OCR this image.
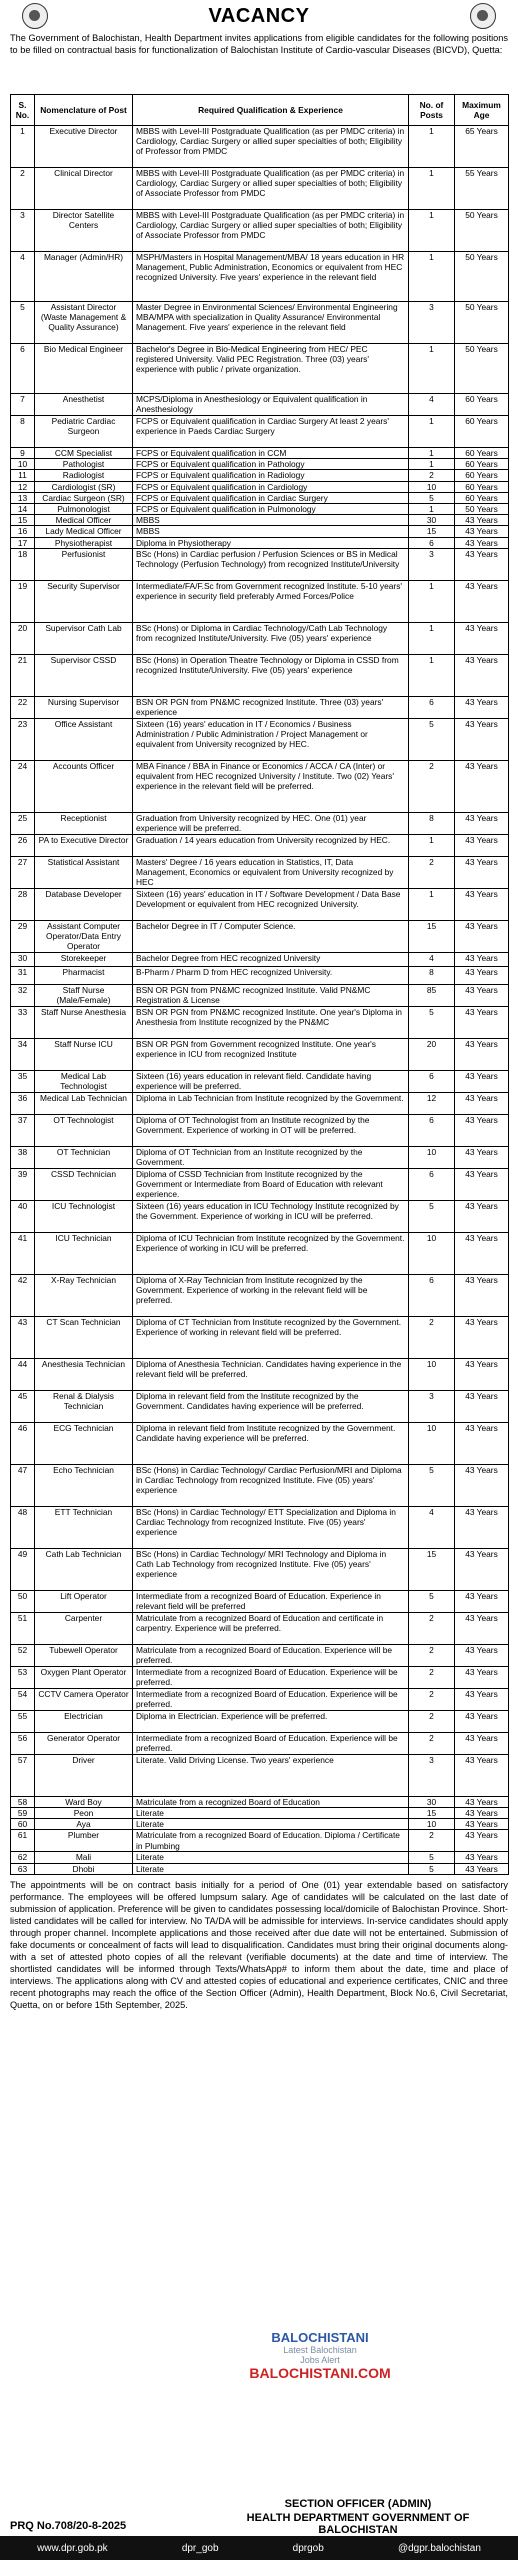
VACANCY
The Government of Balochistan, Health Department invites applications from eligible candidates for the following positions to be filled on contractual basis for functionalization of Balochistan Institute of Cardio-vascular Diseases (BICVD), Quetta:
S. No.	Nomenclature of Post	Required Qualification & Experience	No. of Posts	Maximum Age
1	Executive Director	MBBS with Level-III Postgraduate Qualification (as per PMDC criteria) in Cardiology, Cardiac Surgery or allied super specialties of both; Eligibility of Professor from PMDC	1	65 Years
2	Clinical Director	MBBS with Level-III Postgraduate Qualification (as per PMDC criteria) in Cardiology, Cardiac Surgery or allied super specialties of both; Eligibility of Associate Professor from PMDC	1	55 Years
3	Director Satellite Centers	MBBS with Level-III Postgraduate Qualification (as per PMDC criteria) in Cardiology, Cardiac Surgery or allied super specialties of both; Eligibility of Associate Professor from PMDC	1	50 Years
4	Manager (Admin/HR)	MSPH/Masters in Hospital Management/MBA/ 18 years education in HR Management, Public Administration, Economics or equivalent from HEC recognized University. Five years' experience in the relevant field	1	50 Years
5	Assistant Director (Waste Management & Quality Assurance)	Master Degree in Environmental Sciences/ Environmental Engineering MBA/MPA with specialization in Quality Assurance/ Environmental Management. Five years' experience in the relevant field	3	50 Years
6	Bio Medical Engineer	Bachelor's Degree in Bio-Medical Engineering from HEC/ PEC registered University. Valid PEC Registration. Three (03) years' experience with public / private organization.	1	50 Years
7	Anesthetist	MCPS/Diploma in Anesthesiology or Equivalent qualification in Anesthesiology	4	60 Years
8	Pediatric Cardiac Surgeon	FCPS or Equivalent qualification in Cardiac Surgery At least 2 years' experience in Paeds Cardiac Surgery	1	60 Years
9	CCM Specialist	FCPS or Equivalent qualification in CCM	1	60 Years
10	Pathologist	FCPS or Equivalent qualification in Pathology	1	60 Years
11	Radiologist	FCPS or Equivalent qualification in Radiology	2	60 Years
12	Cardiologist (SR)	FCPS or Equivalent qualification in Cardiology	10	60 Years
13	Cardiac Surgeon (SR)	FCPS or Equivalent qualification in Cardiac Surgery	5	60 Years
14	Pulmonologist	FCPS or Equivalent qualification in Pulmonology	1	50 Years
15	Medical Officer	MBBS	30	43 Years
16	Lady Medical Officer	MBBS	15	43 Years
17	Physiotherapist	Diploma in Physiotherapy	6	43 Years
18	Perfusionist	BSc (Hons) in Cardiac perfusion / Perfusion Sciences or BS in Medical Technology (Perfusion Technology) from recognized Institute/University	3	43 Years
19	Security Supervisor	Intermediate/FA/F.Sc from Government recognized Institute. 5-10 years' experience in security field preferably Armed Forces/Police	1	43 Years
20	Supervisor Cath Lab	BSc (Hons) or Diploma in Cardiac Technology/Cath Lab Technology from recognized Institute/University. Five (05) years' experience	1	43 Years
21	Supervisor CSSD	BSc (Hons) in Operation Theatre Technology or Diploma in CSSD from recognized Institute/University. Five (05) years' experience	1	43 Years
22	Nursing Supervisor	BSN OR PGN from PN&MC recognized Institute. Three (03) years' experience	6	43 Years
23	Office Assistant	Sixteen (16) years' education in IT / Economics / Business Administration / Public Administration / Project Management or equivalent from University recognized by HEC.	5	43 Years
24	Accounts Officer	MBA Finance / BBA in Finance or Economics / ACCA / CA (Inter) or equivalent from HEC recognized University / Institute. Two (02) Years' experience in the relevant field will be preferred.	2	43 Years
25	Receptionist	Graduation from University recognized by HEC. One (01) year experience will be preferred.	8	43 Years
26	PA to Executive Director	Graduation / 14 years education from University recognized by HEC.	1	43 Years
27	Statistical Assistant	Masters' Degree / 16 years education in Statistics, IT, Data Management, Economics or equivalent from University recognized by HEC	2	43 Years
28	Database Developer	Sixteen (16) years' education in IT / Software Development / Data Base Development or equivalent from HEC recognized University.	1	43 Years
29	Assistant Computer Operator/Data Entry Operator	Bachelor Degree in IT / Computer Science.	15	43 Years
30	Storekeeper	Bachelor Degree from HEC recognized University	4	43 Years
31	Pharmacist	B-Pharm / Pharm D from HEC recognized University.	8	43 Years
32	Staff Nurse (Male/Female)	BSN OR PGN from PN&MC recognized Institute. Valid PN&MC Registration & License	85	43 Years
33	Staff Nurse Anesthesia	BSN OR PGN from PN&MC recognized Institute. One year's Diploma in Anesthesia from Institute recognized by the PN&MC	5	43 Years
34	Staff Nurse ICU	BSN OR PGN from Government recognized Institute. One year's experience in ICU from recognized Institute	20	43 Years
35	Medical Lab Technologist	Sixteen (16) years education in relevant field. Candidate having experience will be preferred.	6	43 Years
36	Medical Lab Technician	Diploma in Lab Technician from Institute recognized by the Government.	12	43 Years
37	OT Technologist	Diploma of OT Technologist from an Institute recognized by the Government. Experience of working in OT will be preferred.	6	43 Years
38	OT Technician	Diploma of OT Technician from an Institute recognized by the Government.	10	43 Years
39	CSSD Technician	Diploma of CSSD Technician from Institute recognized by the Government or Intermediate from Board of Education with relevant experience.	6	43 Years
40	ICU Technologist	Sixteen (16) years education in ICU Technology Institute recognized by the Government. Experience of working in ICU will be preferred.	5	43 Years
41	ICU Technician	Diploma of ICU Technician from Institute recognized by the Government. Experience of working in ICU will be preferred.	10	43 Years
42	X-Ray Technician	Diploma of X-Ray Technician from Institute recognized by the Government. Experience of working in the relevant field will be preferred.	6	43 Years
43	CT Scan Technician	Diploma of CT Technician from Institute recognized by the Government. Experience of working in relevant field will be preferred.	2	43 Years
44	Anesthesia Technician	Diploma of Anesthesia Technician. Candidates having experience in the relevant field will be preferred.	10	43 Years
45	Renal & Dialysis Technician	Diploma in relevant field from the Institute recognized by the Government. Candidates having experience will be preferred.	3	43 Years
46	ECG Technician	Diploma in relevant field from Institute recognized by the Government. Candidate having experience will be preferred.	10	43 Years
47	Echo Technician	BSc (Hons) in Cardiac Technology/ Cardiac Perfusion/MRI and Diploma in Cardiac Technology from recognized Institute. Five (05) years' experience	5	43 Years
48	ETT Technician	BSc (Hons) in Cardiac Technology/ ETT Specialization and Diploma in Cardiac Technology from recognized Institute. Five (05) years' experience	4	43 Years
49	Cath Lab Technician	BSc (Hons) in Cardiac Technology/ MRI Technology and Diploma in Cath Lab Technology from recognized Institute. Five (05) years' experience	15	43 Years
50	Lift Operator	Intermediate from a recognized Board of Education. Experience in relevant field will be preferred	5	43 Years
51	Carpenter	Matriculate from a recognized Board of Education and certificate in carpentry. Experience will be preferred.	2	43 Years
52	Tubewell Operator	Matriculate from a recognized Board of Education. Experience will be preferred.	2	43 Years
53	Oxygen Plant Operator	Intermediate from a recognized Board of Education. Experience will be preferred.	2	43 Years
54	CCTV Camera Operator	Intermediate from a recognized Board of Education. Experience will be preferred.	2	43 Years
55	Electrician	Diploma in Electrician. Experience will be preferred.	2	43 Years
56	Generator Operator	Intermediate from a recognized Board of Education. Experience will be preferred.	2	43 Years
57	Driver	Literate. Valid Driving License. Two years' experience	3	43 Years
58	Ward Boy	Matriculate from a recognized Board of Education	30	43 Years
59	Peon	Literate	15	43 Years
60	Aya	Literate	10	43 Years
61	Plumber	Matriculate from a recognized Board of Education. Diploma / Certificate in Plumbing	2	43 Years
62	Mali	Literate	5	43 Years
63	Dhobi	Literate	5	43 Years
The appointments will be on contract basis initially for a period of One (01) year extendable based on satisfactory performance. The employees will be offered lumpsum salary. Age of candidates will be calculated on the last date of submission of application. Preference will be given to candidates possessing local/domicile of Balochistan Province. Short-listed candidates will be called for interview. No TA/DA will be admissible for interviews. In-service candidates should apply through proper channel. Incomplete applications and those received after due date will not be entertained. Submission of fake documents or concealment of facts will lead to disqualification. Candidates must bring their original documents along-with a set of attested photo copies of all the relevant (verifiable documents) at the date and time of interview. The shortlisted candidates will be informed through Texts/WhatsApp# to inform them about the date, time and place of interviews. The applications along with CV and attested copies of educational and experience certificates, CNIC and three recent photographs may reach the office of the Section Officer (Admin), Health Department, Block No.6, Civil Secretariat, Quetta, on or before 15th September, 2025.
BALOCHISTANI
Latest Balochistan
Jobs Alert
BALOCHISTANI.COM
PRQ No.708/20-8-2025
SECTION OFFICER (ADMIN)
HEALTH DEPARTMENT GOVERNMENT OF BALOCHISTAN
www.dpr.gob.pk	dpr_gob	dprgob	@dgpr.balochistan
